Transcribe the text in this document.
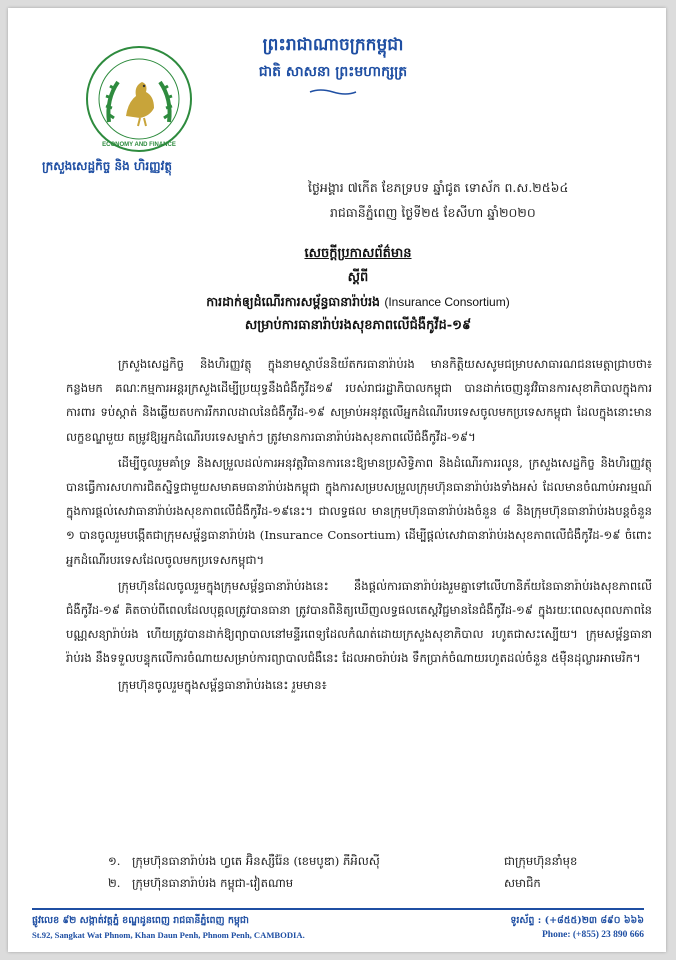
ECONOMY AND FINANCE
ក្រសួងសេដ្ឋកិច្ច និង ហិរញ្ញវត្ថុ
ព្រះរាជាណាចក្រកម្ពុជា
ជាតិ សាសនា ព្រះមហាក្សត្រ
ថ្ងៃអង្គារ ៧កើត ខែភទ្របទ ឆ្នាំជូត ទោស័ក ព.ស.២៥៦៤
រាជធានីភ្នំពេញ ថ្ងៃទី២៥ ខែសីហា ឆ្នាំ២០២០
សេចក្តីប្រកាសព័ត៌មាន
ស្តីពី
ការដាក់ឲ្យដំណើរការសម្ព័ន្ធធានារ៉ាប់រង (Insurance Consortium)
សម្រាប់ការធានារ៉ាប់រងសុខភាពលើជំងឺកូវីដ-១៩

ក្រសួងសេដ្ឋកិច្ច និងហិរញ្ញវត្ថុ ក្នុងនាមស្ថាប័ននិយ័តករធានារ៉ាប់រង មានកិត្តិយសសូមជម្រាបសាធារណជនមេត្តាជ្រាបថា៖ កន្លងមក គណៈកម្មការអន្តរក្រសួងដើម្បីប្រយុទ្ធនឹងជំងឺកូវីដ១៩ របស់រាជរដ្ឋាភិបាលកម្ពុជា បានដាក់ចេញនូវវិធានការសុខាភិបាលក្នុងការការពារ ទប់ស្កាត់ និងឆ្លើយតបការរីករាលដាលនៃជំងឺកូវីដ-១៩ សម្រាប់អនុវត្តលើអ្នកដំណើរបរទេសចូលមកប្រទេសកម្ពុជា ដែលក្នុងនោះមានលក្ខខណ្ឌមួយ តម្រូវឱ្យអ្នកដំណើរបរទេសម្នាក់ៗ ត្រូវមានការធានារ៉ាប់រងសុខភាពលើជំងឺកូវីដ-១៩។

ដើម្បីចូលរួមគាំទ្រ និងសម្រួលដល់ការអនុវត្តវិធានការនេះឱ្យមានប្រសិទ្ធិភាព និងដំណើរការរលូន, ក្រសួងសេដ្ឋកិច្ច និងហិរញ្ញវត្ថុ បានធ្វើការសហការជិតស្និទ្ធជាមួយសមាគមធានារ៉ាប់រងកម្ពុជា ក្នុងការសម្របសម្រួលក្រុមហ៊ុនធានារ៉ាប់រងទាំងអស់ ដែលមានចំណាប់អារម្មណ៍ក្នុងការផ្តល់សេវាធានារ៉ាប់រងសុខភាពលើជំងឺកូវីដ-១៩នេះ។ ជាលទ្ធផល មានក្រុមហ៊ុនធានារ៉ាប់រងចំនួន ៨ និងក្រុមហ៊ុនធានារ៉ាប់រងបន្តចំនួន ១ បានចូលរួមបង្កើតជាក្រុមសម្ព័ន្ធធានារ៉ាប់រង (Insurance Consortium) ដើម្បីផ្តល់សេវាធានារ៉ាប់រងសុខភាពលើជំងឺកូវីដ-១៩ ចំពោះអ្នកដំណើរបរទេសដែលចូលមកប្រទេសកម្ពុជា។

ក្រុមហ៊ុនដែលចូលរួមក្នុងក្រុមសម្ព័ន្ធធានារ៉ាប់រងនេះ នឹងផ្តល់ការធានារ៉ាប់រងរួមគ្នាទៅលើហានិភ័យនៃធានារ៉ាប់រងសុខភាពលើជំងឺកូវីដ-១៩ គិតចាប់ពីពេលដែលបុគ្គលត្រូវបានធានា ត្រូវបានពិនិត្យឃើញលទ្ធផលតេស្តវិជ្ជមាននៃជំងឺកូវីដ-១៩ ក្នុងរយៈពេលសុពលភាពនៃបណ្ណសន្យារ៉ាប់រង ហើយត្រូវបានដាក់ឱ្យព្យាបាលនៅមន្ទីរពេទ្យដែលកំណត់ដោយក្រសួងសុខាភិបាល រហូតជាសះស្បើយ។ ក្រុមសម្ព័ន្ធធានារ៉ាប់រង នឹងទទួលបន្ទុកលើការចំណាយសម្រាប់ការព្យាបាលជំងឺនេះ ដែលអាចរ៉ាប់រង ទឹកប្រាក់ចំណាយរហូតដល់ចំនួន ៥ម៉ឺនដុល្លារអាមេរិក។

ក្រុមហ៊ុនចូលរួមក្នុងសម្ព័ន្ធធានារ៉ាប់រងនេះ រួមមាន៖

១. ក្រុមហ៊ុនធានារ៉ាប់រង ហ្វតេ អ៊ិនស្សឺរ៉ែន (ខេមបូឌា) ភីអិលស៊ី	ជាក្រុមហ៊ុននាំមុខ
២. ក្រុមហ៊ុនធានារ៉ាប់រង កម្ពុជា-វៀតណាម	សមាជិក
ផ្លូវលេខ ៩២ សង្កាត់វត្តភ្នំ ខណ្ឌដូនពេញ រាជធានីភ្នំពេញ កម្ពុជា
St.92, Sangkat Wat Phnom, Khan Daun Penh, Phnom Penh, CAMBODIA.
ទូរស័ព្ទ : (+៨៥៥)២៣ ៨៩០ ៦៦៦
Phone: (+855) 23 890 666
